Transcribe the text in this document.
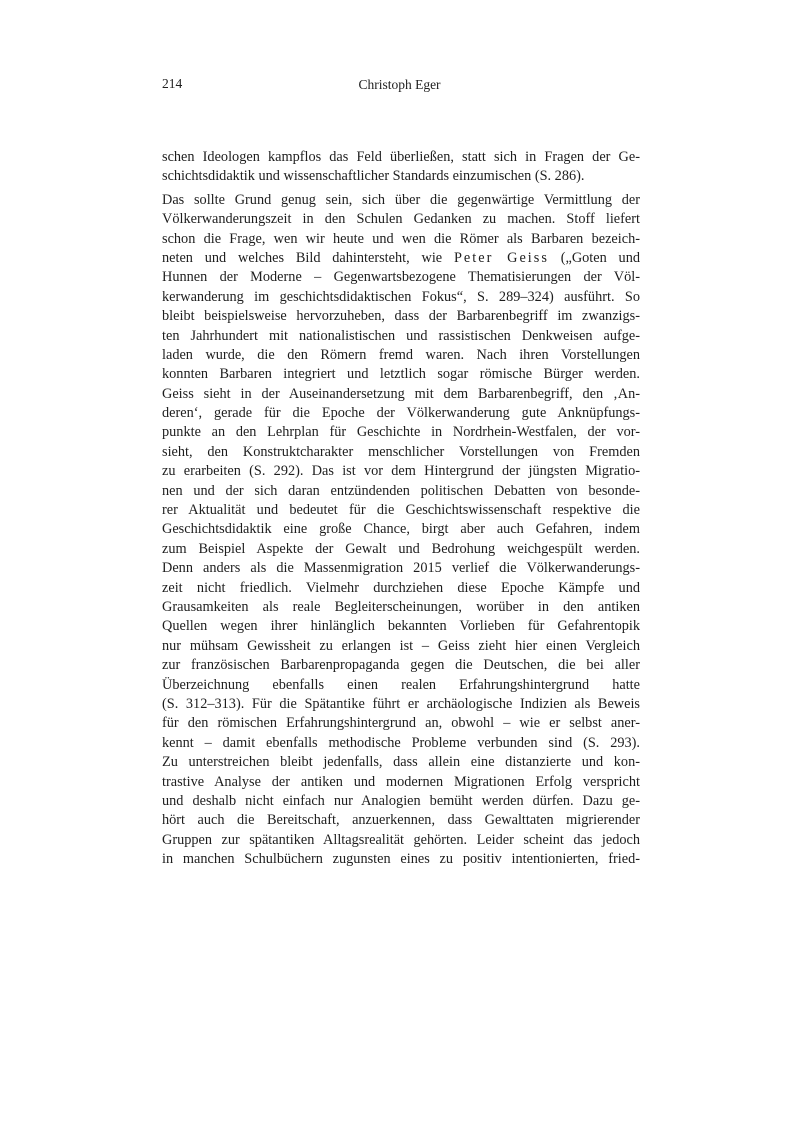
214	Christoph Eger
schen Ideologen kampflos das Feld überließen, statt sich in Fragen der Ge-
schichtsdidaktik und wissenschaftlicher Standards einzumischen (S. 286).
Das sollte Grund genug sein, sich über die gegenwärtige Vermittlung der
Völkerwanderungszeit in den Schulen Gedanken zu machen. Stoff liefert
schon die Frage, wen wir heute und wen die Römer als Barbaren bezeich-
neten und welches Bild dahintersteht, wie Peter Geiss („Goten und
Hunnen der Moderne – Gegenwartsbezogene Thematisierungen der Völ-
kerwanderung im geschichtsdidaktischen Fokus“, S. 289–324) ausführt. So
bleibt beispielsweise hervorzuheben, dass der Barbarenbegriff im zwanzigs-
ten Jahrhundert mit nationalistischen und rassistischen Denkweisen aufge-
laden wurde, die den Römern fremd waren. Nach ihren Vorstellungen
konnten Barbaren integriert und letztlich sogar römische Bürger werden.
Geiss sieht in der Auseinandersetzung mit dem Barbarenbegriff, den ‚An-
deren‘, gerade für die Epoche der Völkerwanderung gute Anknüpfungs-
punkte an den Lehrplan für Geschichte in Nordrhein-Westfalen, der vor-
sieht, den Konstruktcharakter menschlicher Vorstellungen von Fremden
zu erarbeiten (S. 292). Das ist vor dem Hintergrund der jüngsten Migratio-
nen und der sich daran entzündenden politischen Debatten von besonde-
rer Aktualität und bedeutet für die Geschichtswissenschaft respektive die
Geschichtsdidaktik eine große Chance, birgt aber auch Gefahren, indem
zum Beispiel Aspekte der Gewalt und Bedrohung weichgespült werden.
Denn anders als die Massenmigration 2015 verlief die Völkerwanderungs-
zeit nicht friedlich. Vielmehr durchziehen diese Epoche Kämpfe und
Grausamkeiten als reale Begleiterscheinungen, worüber in den antiken
Quellen wegen ihrer hinlänglich bekannten Vorlieben für Gefahrentopik
nur mühsam Gewissheit zu erlangen ist – Geiss zieht hier einen Vergleich
zur französischen Barbarenpropaganda gegen die Deutschen, die bei aller
Überzeichnung ebenfalls einen realen Erfahrungshintergrund hatte
(S. 312–313). Für die Spätantike führt er archäologische Indizien als Beweis
für den römischen Erfahrungshintergrund an, obwohl – wie er selbst aner-
kennt – damit ebenfalls methodische Probleme verbunden sind (S. 293).
Zu unterstreichen bleibt jedenfalls, dass allein eine distanzierte und kon-
trastive Analyse der antiken und modernen Migrationen Erfolg verspricht
und deshalb nicht einfach nur Analogien bemüht werden dürfen. Dazu ge-
hört auch die Bereitschaft, anzuerkennen, dass Gewalttaten migrierender
Gruppen zur spätantiken Alltagsrealität gehörten. Leider scheint das jedoch
in manchen Schulbüchern zugunsten eines zu positiv intentionierten, fried-
